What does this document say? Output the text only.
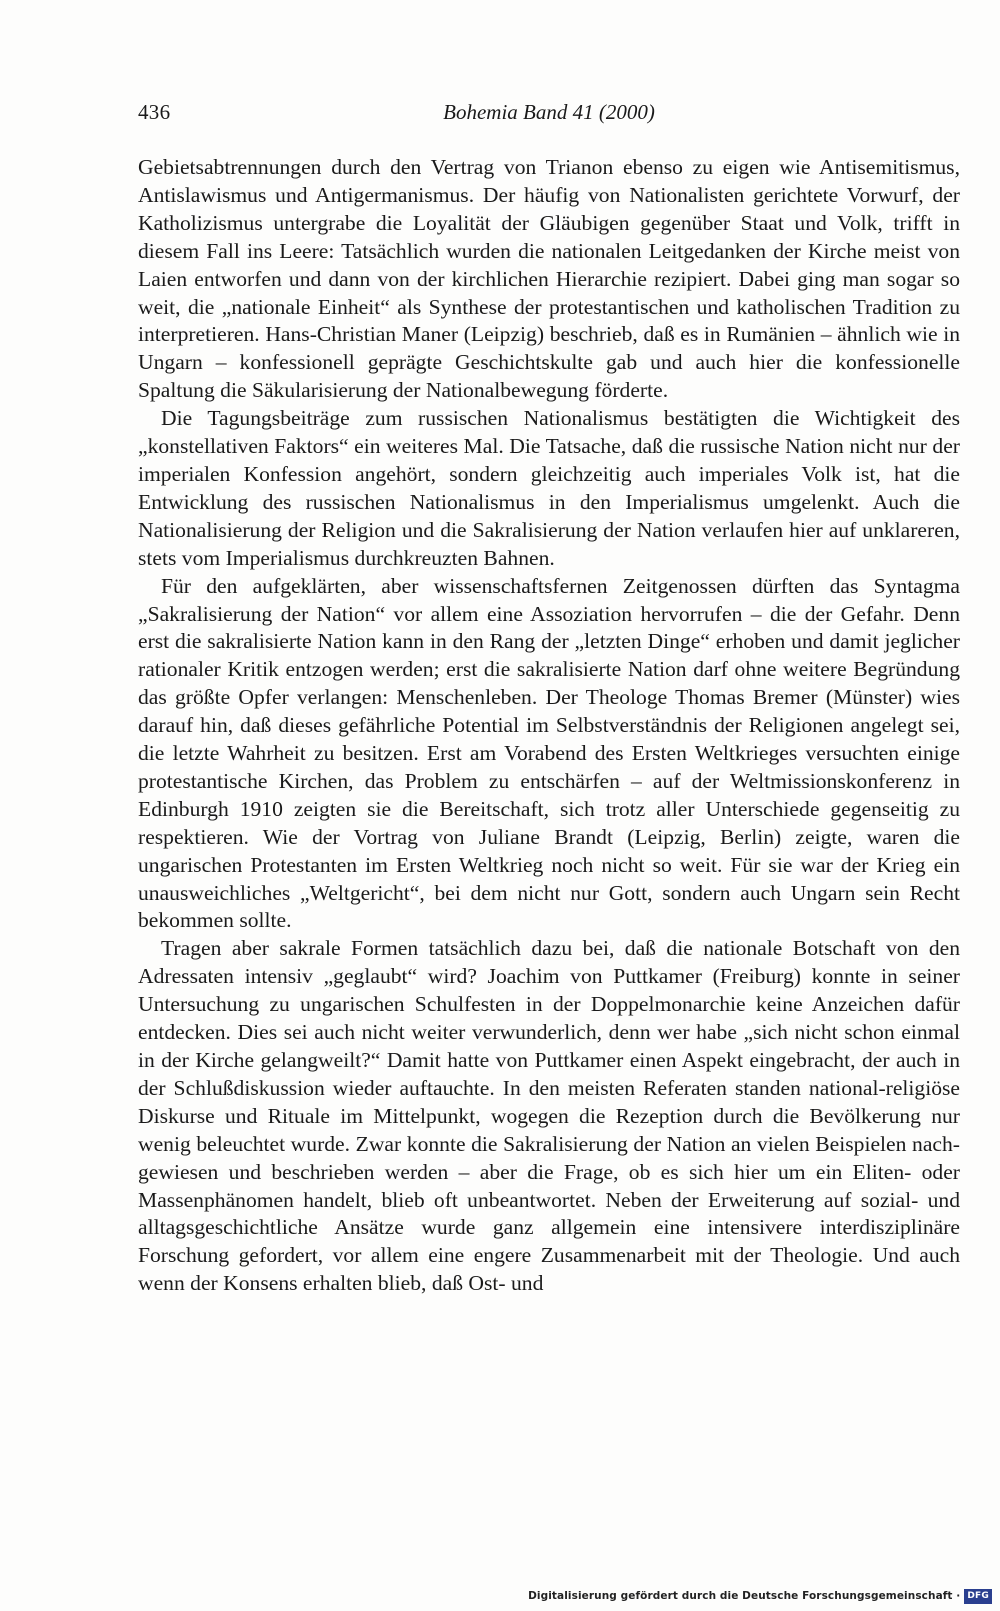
436	Bohemia Band 41 (2000)

Gebietsabtrennungen durch den Vertrag von Trianon ebenso zu eigen wie Antisemitismus, Antislawismus und Antigermanismus. Der häufig von Nationalisten gerichtete Vorwurf, der Katholizismus untergrabe die Loyalität der Gläubigen gegenüber Staat und Volk, trifft in diesem Fall ins Leere: Tatsächlich wurden die nationalen Leitgedanken der Kirche meist von Laien entworfen und dann von der kirchlichen Hierarchie rezipiert. Dabei ging man sogar so weit, die „nationale Einheit“ als Synthese der protestantischen und katholischen Tradition zu interpretieren. Hans-Christian Maner (Leipzig) beschrieb, daß es in Rumänien – ähnlich wie in Ungarn – konfessionell geprägte Geschichtskulte gab und auch hier die konfessionelle Spaltung die Säkularisierung der Nationalbewegung förderte.

Die Tagungsbeiträge zum russischen Nationalismus bestätigten die Wichtigkeit des „konstellativen Faktors“ ein weiteres Mal. Die Tatsache, daß die russische Nation nicht nur der imperialen Konfession angehört, sondern gleichzeitig auch imperiales Volk ist, hat die Entwicklung des russischen Nationalismus in den Imperialismus umgelenkt. Auch die Nationalisierung der Religion und die Sakralisierung der Nation verlaufen hier auf unklareren, stets vom Imperialismus durchkreuzten Bahnen.

Für den aufgeklärten, aber wissenschaftsfernen Zeitgenossen dürften das Syntagma „Sakralisierung der Nation“ vor allem eine Assoziation hervorrufen – die der Gefahr. Denn erst die sakralisierte Nation kann in den Rang der „letzten Dinge“ erhoben und damit jeglicher rationaler Kritik entzogen werden; erst die sakralisierte Nation darf ohne weitere Begründung das größte Opfer verlangen: Menschenleben. Der Theologe Thomas Bremer (Münster) wies darauf hin, daß dieses gefährliche Potential im Selbstverständnis der Religionen angelegt sei, die letzte Wahrheit zu besitzen. Erst am Vorabend des Ersten Weltkrieges versuchten einige protestantische Kirchen, das Problem zu entschärfen – auf der Weltmissionskonferenz in Edinburgh 1910 zeigten sie die Bereitschaft, sich trotz aller Unterschiede gegenseitig zu respektieren. Wie der Vortrag von Juliane Brandt (Leipzig, Berlin) zeigte, waren die ungarischen Protestanten im Ersten Weltkrieg noch nicht so weit. Für sie war der Krieg ein unausweichliches „Weltgericht“, bei dem nicht nur Gott, sondern auch Ungarn sein Recht bekommen sollte.

Tragen aber sakrale Formen tatsächlich dazu bei, daß die nationale Botschaft von den Adressaten intensiv „geglaubt“ wird? Joachim von Puttkamer (Freiburg) konnte in seiner Untersuchung zu ungarischen Schulfesten in der Doppelmonarchie keine Anzeichen dafür entdecken. Dies sei auch nicht weiter verwunderlich, denn wer habe „sich nicht schon einmal in der Kirche gelangweilt?“ Damit hatte von Puttkamer einen Aspekt eingebracht, der auch in der Schlußdiskussion wieder auftauchte. In den meisten Referaten standen national-religiöse Diskurse und Rituale im Mittelpunkt, wogegen die Rezeption durch die Bevölkerung nur wenig beleuchtet wurde. Zwar konnte die Sakralisierung der Nation an vielen Beispielen nachgewiesen und beschrieben werden – aber die Frage, ob es sich hier um ein Eliten- oder Massenphänomen handelt, blieb oft unbeantwortet. Neben der Erweiterung auf sozial- und alltagsgeschichtliche Ansätze wurde ganz allgemein eine intensivere interdisziplinäre Forschung gefordert, vor allem eine engere Zusammenarbeit mit der Theologie. Und auch wenn der Konsens erhalten blieb, daß Ost- und

Digitalisierung gefördert durch die Deutsche Forschungsgemeinschaft · DFG
